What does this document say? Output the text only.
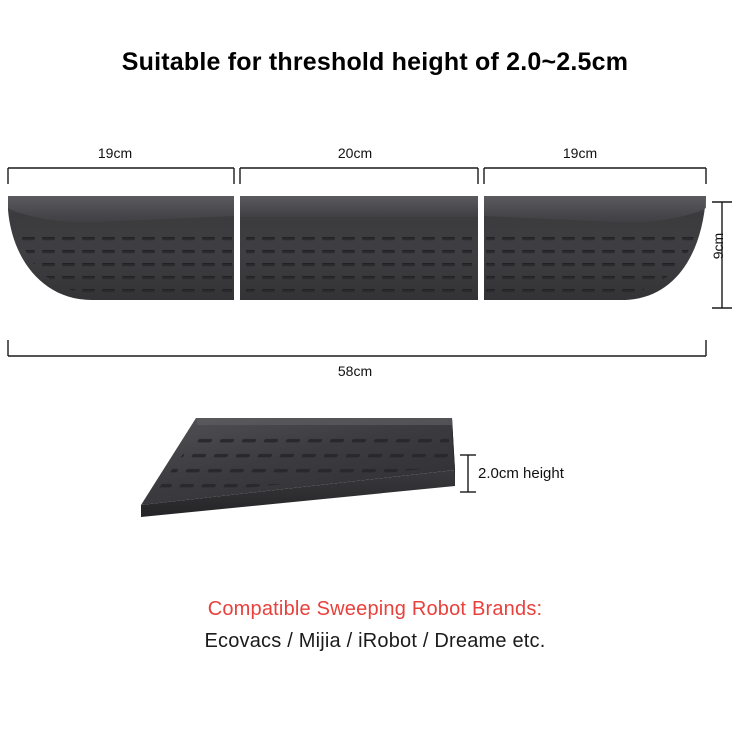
Suitable for threshold height of 2.0~2.5cm
19cm	20cm	19cm
58cm
9cm
2.0cm height
Compatible Sweeping Robot Brands:
Ecovacs / Mijia / iRobot / Dreame etc.
